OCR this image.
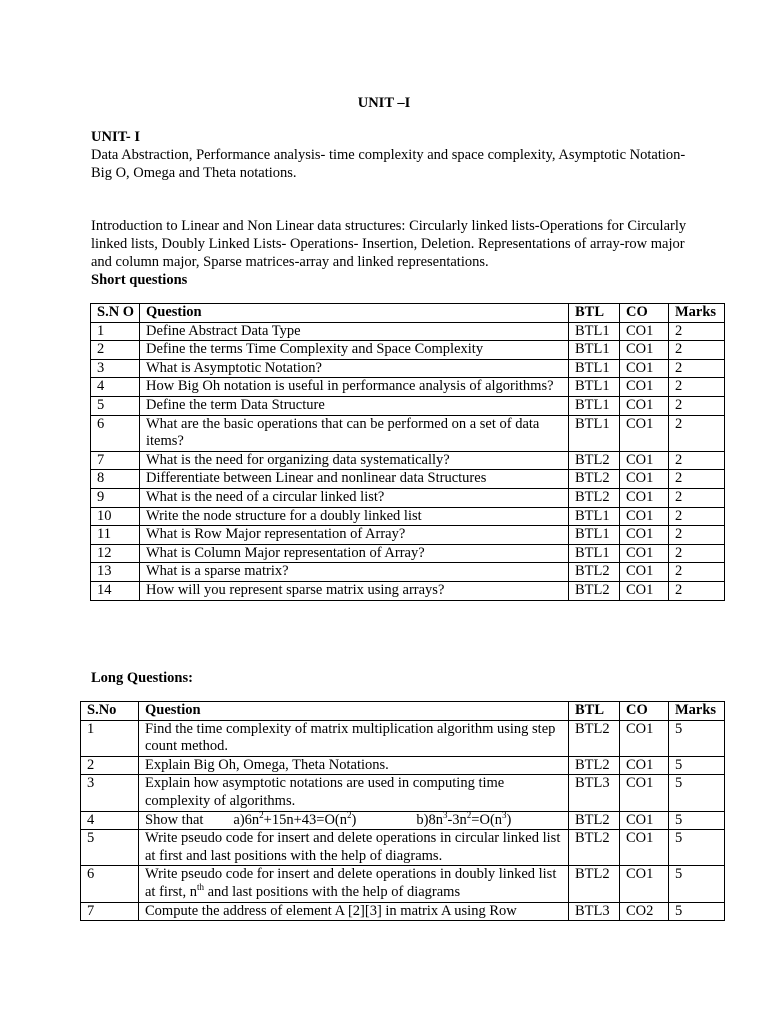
UNIT –I
UNIT- I

Data Abstraction, Performance analysis- time complexity and space complexity, Asymptotic Notation-Big O, Omega and Theta notations.

Introduction to Linear and Non Linear data structures: Circularly linked lists-Operations for Circularly linked lists, Doubly Linked Lists- Operations- Insertion, Deletion. Representations of array-row major and column major, Sparse matrices-array and linked representations.

Short questions
S.N O	Question	BTL	CO	Marks
1	Define Abstract Data Type	BTL1	CO1	2
2	Define the terms Time Complexity and Space Complexity	BTL1	CO1	2
3	What is Asymptotic Notation?	BTL1	CO1	2
4	How Big Oh notation is useful in performance analysis of algorithms?	BTL1	CO1	2
5	Define the term Data Structure	BTL1	CO1	2
6	What are the basic operations that can be performed on a set of data items?	BTL1	CO1	2
7	What is the need for organizing data systematically?	BTL2	CO1	2
8	Differentiate between Linear and nonlinear data Structures	BTL2	CO1	2
9	What is the need of a circular linked list?	BTL2	CO1	2
10	Write the node structure for a doubly linked list	BTL1	CO1	2
11	What is Row Major representation of Array?	BTL1	CO1	2
12	What is Column Major representation of Array?	BTL1	CO1	2
13	What is a sparse matrix?	BTL2	CO1	2
14	How will you represent sparse matrix using arrays?	BTL2	CO1	2
Long Questions:
S.No	Question	BTL	CO	Marks
1	Find the time complexity of matrix multiplication algorithm using step count method.	BTL2	CO1	5
2	Explain Big Oh, Omega, Theta Notations.	BTL2	CO1	5
3	Explain how asymptotic notations are used in computing time complexity of algorithms.	BTL3	CO1	5
4	Show that $a)6n^2+15n+43=O(n^2)$ $b)8n^3-3n^2=O(n^3)$	BTL2	CO1	5
5	Write pseudo code for insert and delete operations in circular linked list at first and last positions with the help of diagrams.	BTL2	CO1	5
6	Write pseudo code for insert and delete operations in doubly linked list at first, $n^{th}$ and last positions with the help of diagrams	BTL2	CO1	5
7	Compute the address of element A [2][3] in matrix A using Row	BTL3	CO2	5
